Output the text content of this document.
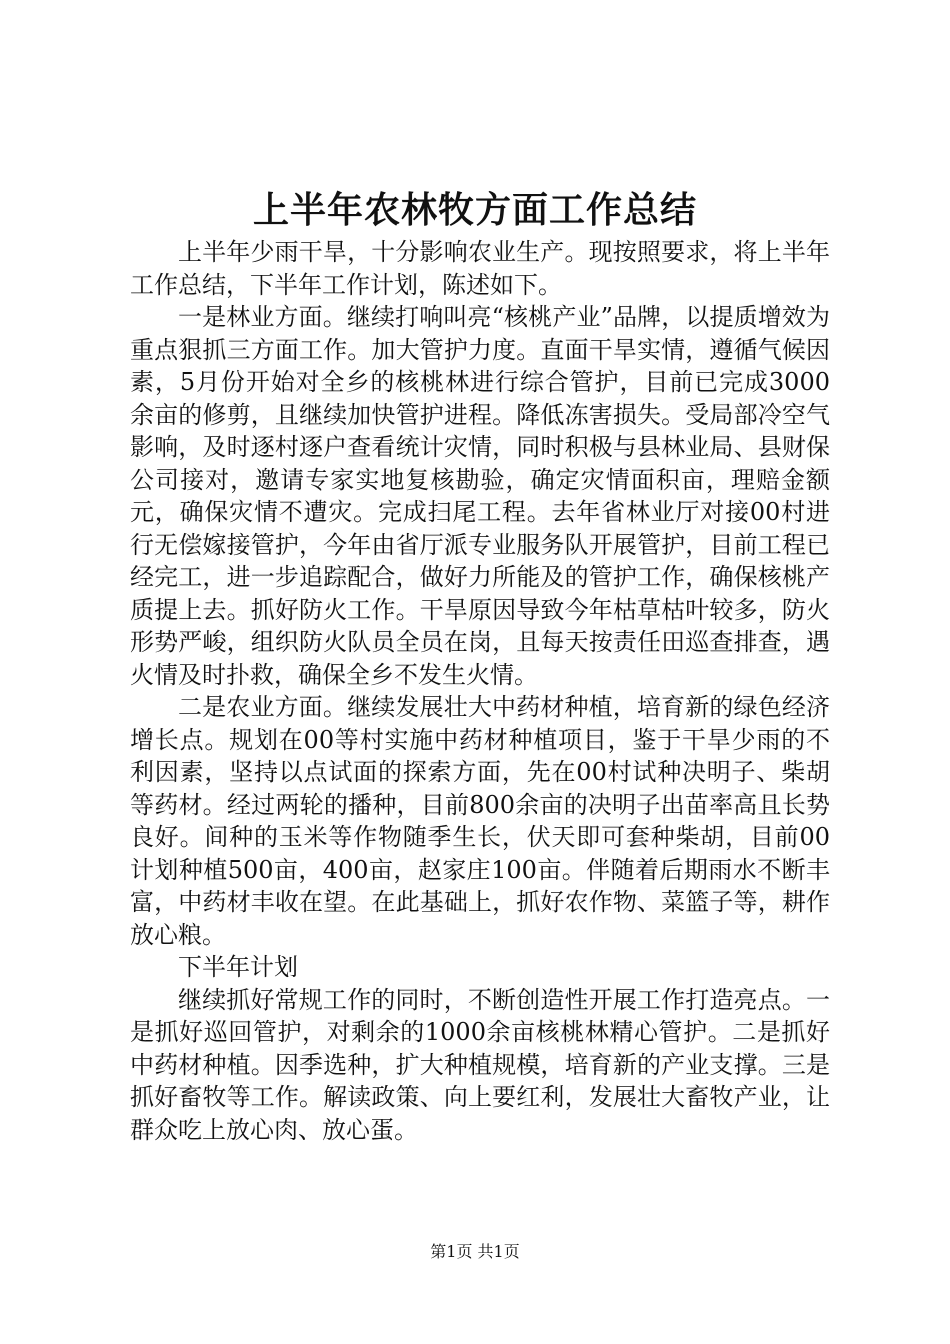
上半年农林牧方面工作总结

上半年少雨干旱，十分影响农业生产。现按照要求，将上半年工作总结，下半年工作计划，陈述如下。

一是林业方面。继续打响叫亮“核桃产业”品牌，以提质增效为重点狠抓三方面工作。加大管护力度。直面干旱实情，遵循气候因素，5月份开始对全乡的核桃林进行综合管护，目前已完成3000余亩的修剪，且继续加快管护进程。降低冻害损失。受局部冷空气影响，及时逐村逐户查看统计灾情，同时积极与县林业局、县财保公司接对，邀请专家实地复核勘验，确定灾情面积亩，理赔金额元，确保灾情不遭灾。完成扫尾工程。去年省林业厅对接00村进行无偿嫁接管护，今年由省厅派专业服务队开展管护，目前工程已经完工，进一步追踪配合，做好力所能及的管护工作，确保核桃产质提上去。抓好防火工作。干旱原因导致今年枯草枯叶较多，防火形势严峻，组织防火队员全员在岗，且每天按责任田巡查排查，遇火情及时扑救，确保全乡不发生火情。

二是农业方面。继续发展壮大中药材种植，培育新的绿色经济增长点。规划在00等村实施中药材种植项目，鉴于干旱少雨的不利因素，坚持以点试面的探索方面，先在00村试种决明子、柴胡等药材。经过两轮的播种，目前800余亩的决明子出苗率高且长势良好。间种的玉米等作物随季生长，伏天即可套种柴胡，目前00计划种植500亩，400亩，赵家庄100亩。伴随着后期雨水不断丰富，中药材丰收在望。在此基础上，抓好农作物、菜篮子等，耕作放心粮。

下半年计划

继续抓好常规工作的同时，不断创造性开展工作打造亮点。一是抓好巡回管护，对剩余的1000余亩核桃林精心管护。二是抓好中药材种植。因季选种，扩大种植规模，培育新的产业支撑。三是抓好畜牧等工作。解读政策、向上要红利，发展壮大畜牧产业，让群众吃上放心肉、放心蛋。

第1页 共1页
